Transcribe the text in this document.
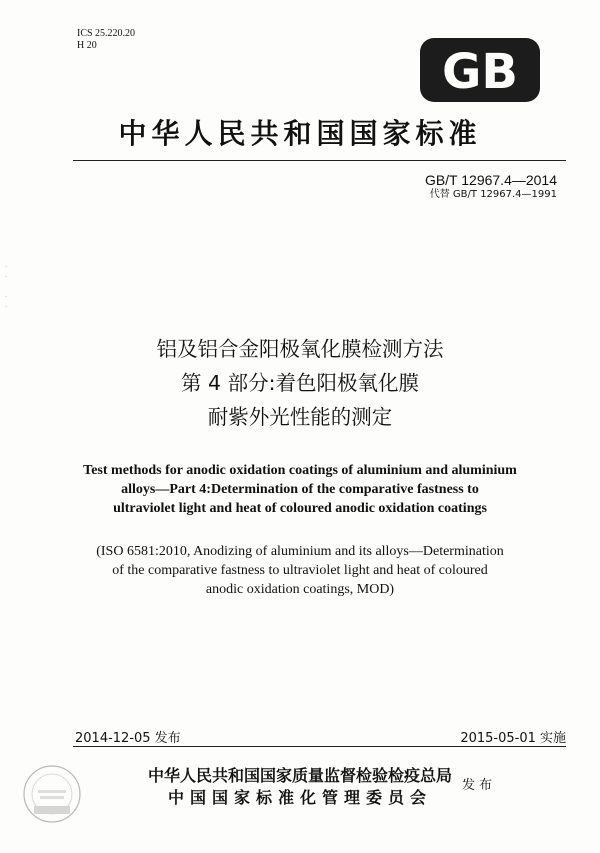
ICS 25.220.20
H 20	GB
中华人民共和国国家标准
GB/T 12967.4—2014
代替 GB/T 12967.4—1991
·
·

·
·
铝及铝合金阳极氧化膜检测方法
第 4 部分:着色阳极氧化膜
耐紫外光性能的测定
Test methods for anodic oxidation coatings of aluminium and aluminium
alloys—Part 4:Determination of the comparative fastness to
ultraviolet light and heat of coloured anodic oxidation coatings
(ISO 6581:2010, Anodizing of aluminium and its alloys—Determination
of the comparative fastness to ultraviolet light and heat of coloured
anodic oxidation coatings, MOD)
2014-12-05 发布	2015-05-01 实施
中华人民共和国国家质量监督检验检疫总局
中国国家标准化管理委员会
发布
